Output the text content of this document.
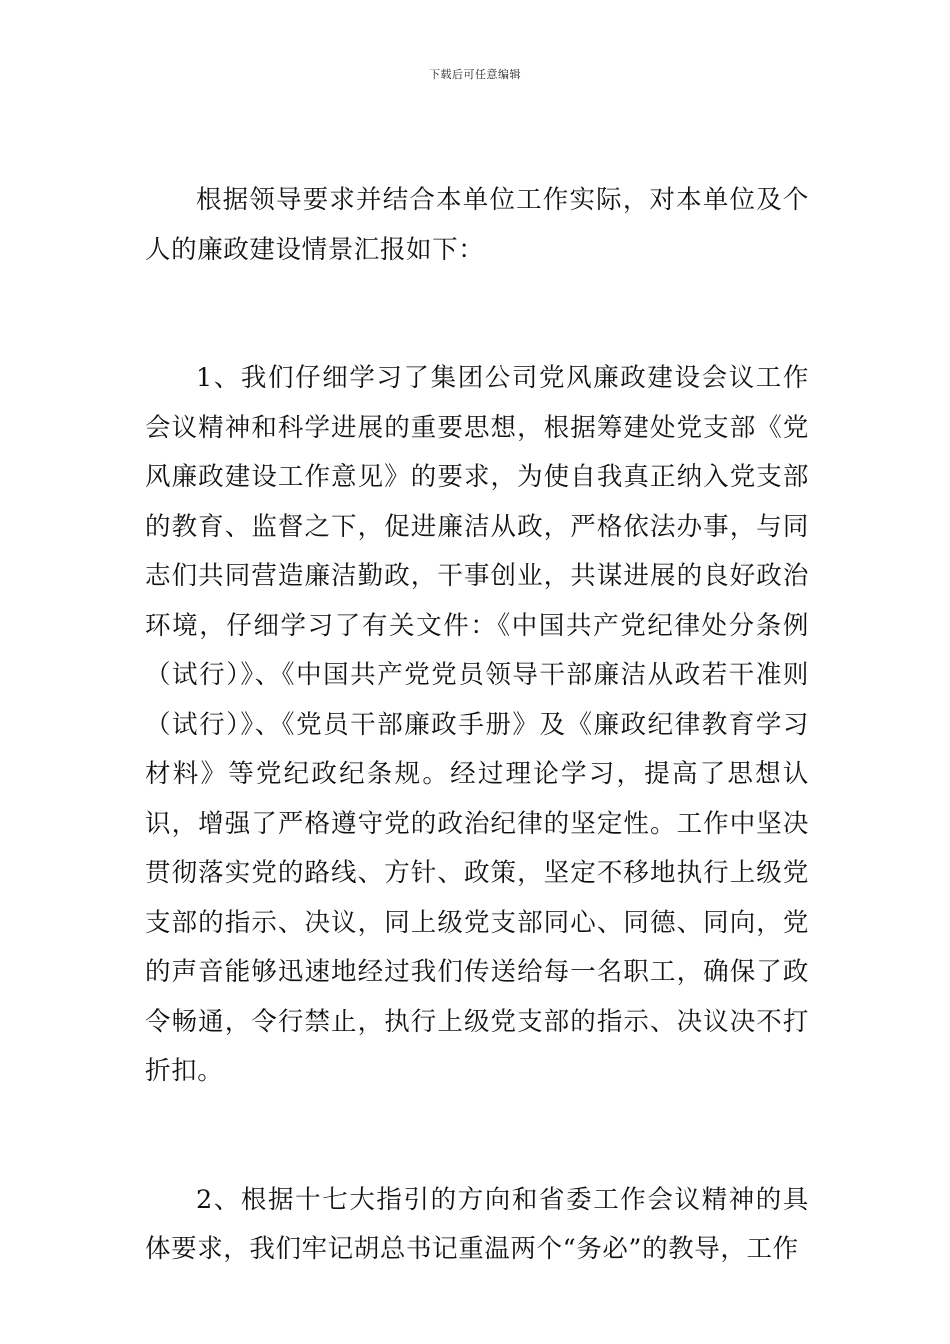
下载后可任意编辑

根据领导要求并结合本单位工作实际，对本单位及个人的廉政建设情景汇报如下：

1、我们仔细学习了集团公司党风廉政建设会议工作会议精神和科学进展的重要思想，根据筹建处党支部《党风廉政建设工作意见》的要求，为使自我真正纳入党支部的教育、监督之下，促进廉洁从政，严格依法办事，与同志们共同营造廉洁勤政，干事创业，共谋进展的良好政治环境，仔细学习了有关文件：《中国共产党纪律处分条例（试行）》、《中国共产党党员领导干部廉洁从政若干准则（试行）》、《党员干部廉政手册》及《廉政纪律教育学习材料》等党纪政纪条规。经过理论学习，提高了思想认识，增强了严格遵守党的政治纪律的坚定性。工作中坚决贯彻落实党的路线、方针、政策，坚定不移地执行上级党支部的指示、决议，同上级党支部同心、同德、同向，党的声音能够迅速地经过我们传送给每一名职工，确保了政令畅通，令行禁止，执行上级党支部的指示、决议决不打折扣。

2、根据十七大指引的方向和省委工作会议精神的具体要求，我们牢记胡总书记重温两个“务必”的教导，工作
